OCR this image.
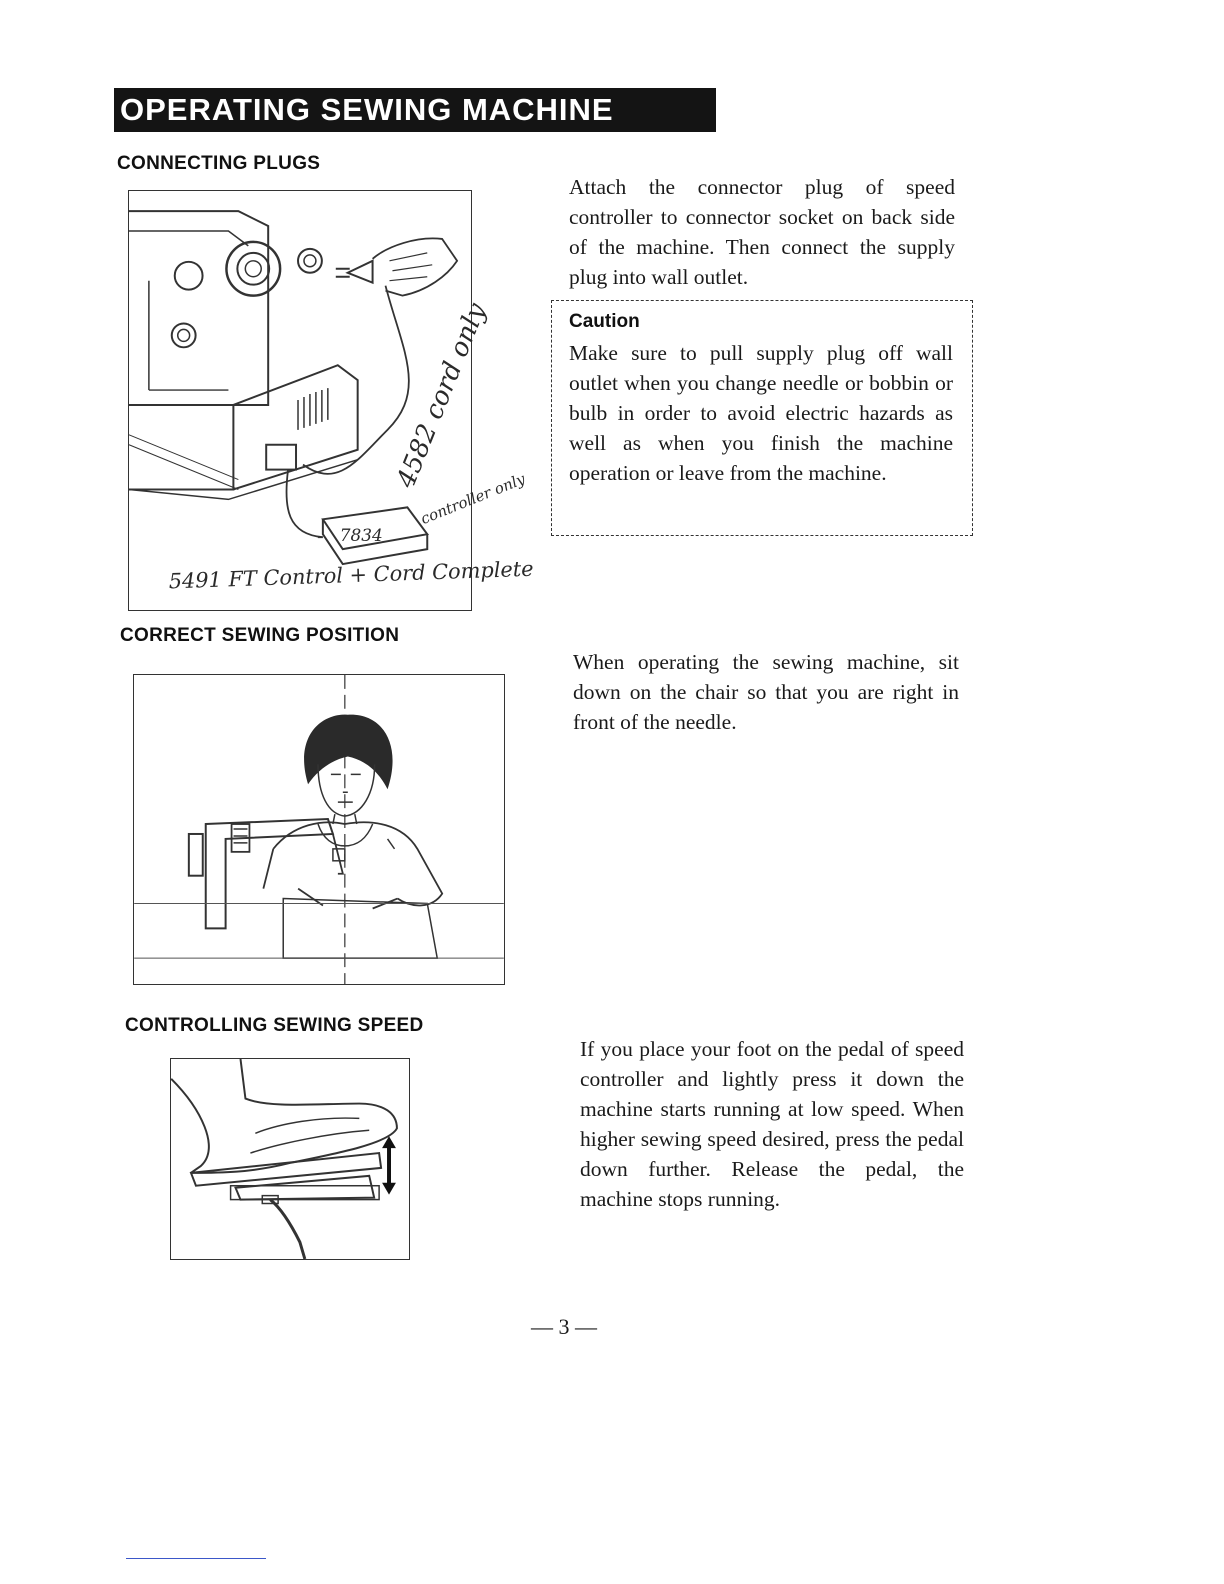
OPERATING SEWING MACHINE
CONNECTING PLUGS
4582 cord only
7834
controller only
5491 FT Control + Cord Complete
Attach the connector plug of speed controller to connector socket on back side of the machine. Then connect the supply plug into wall outlet.
Caution
Make sure to pull supply plug off wall outlet when you change needle or bobbin or bulb in order to avoid electric hazards as well as when you finish the machine operation or leave from the machine.
CORRECT SEWING POSITION
When operating the sewing machine, sit down on the chair so that you are right in front of the needle.
CONTROLLING SEWING SPEED
If you place your foot on the pedal of speed controller and lightly press it down the machine starts running at low speed. When higher sewing speed desired, press the pedal down further. Release the pedal, the machine stops running.
— 3 —
